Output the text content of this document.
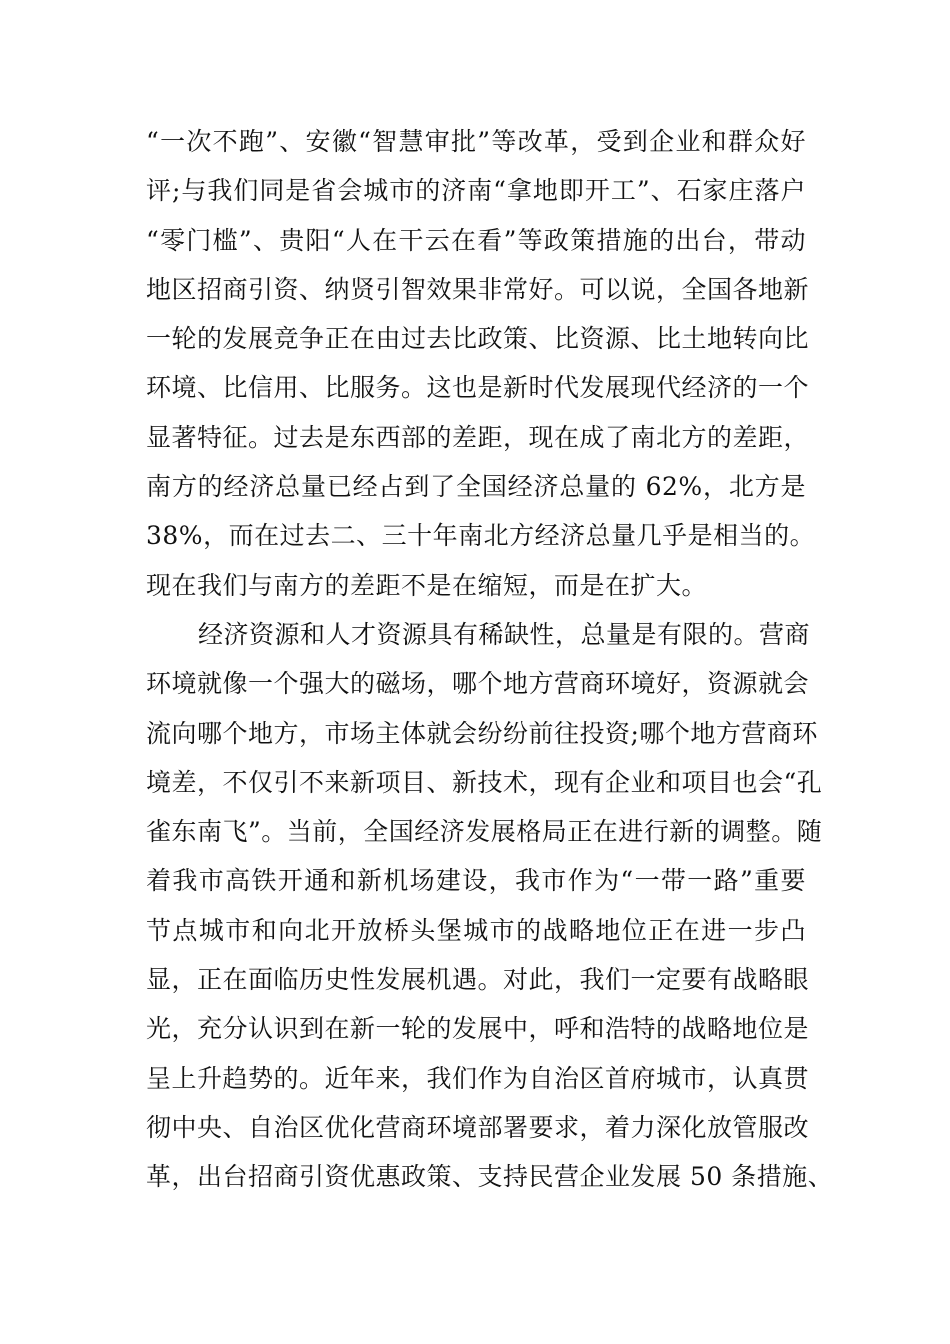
“一次不跑”、安徽“智慧审批”等改革，受到企业和群众好
评;与我们同是省会城市的济南“拿地即开工”、石家庄落户
“零门槛”、贵阳“人在干云在看”等政策措施的出台，带动
地区招商引资、纳贤引智效果非常好。可以说，全国各地新
一轮的发展竞争正在由过去比政策、比资源、比土地转向比
环境、比信用、比服务。这也是新时代发展现代经济的一个
显著特征。过去是东西部的差距，现在成了南北方的差距，
南方的经济总量已经占到了全国经济总量的 62%，北方是
38%，而在过去二、三十年南北方经济总量几乎是相当的。
现在我们与南方的差距不是在缩短，而是在扩大。
经济资源和人才资源具有稀缺性，总量是有限的。营商
环境就像一个强大的磁场，哪个地方营商环境好，资源就会
流向哪个地方，市场主体就会纷纷前往投资;哪个地方营商环
境差，不仅引不来新项目、新技术，现有企业和项目也会“孔
雀东南飞”。当前，全国经济发展格局正在进行新的调整。随
着我市高铁开通和新机场建设，我市作为“一带一路”重要
节点城市和向北开放桥头堡城市的战略地位正在进一步凸
显，正在面临历史性发展机遇。对此，我们一定要有战略眼
光，充分认识到在新一轮的发展中，呼和浩特的战略地位是
呈上升趋势的。近年来，我们作为自治区首府城市，认真贯
彻中央、自治区优化营商环境部署要求，着力深化放管服改
革，出台招商引资优惠政策、支持民营企业发展 50 条措施、
